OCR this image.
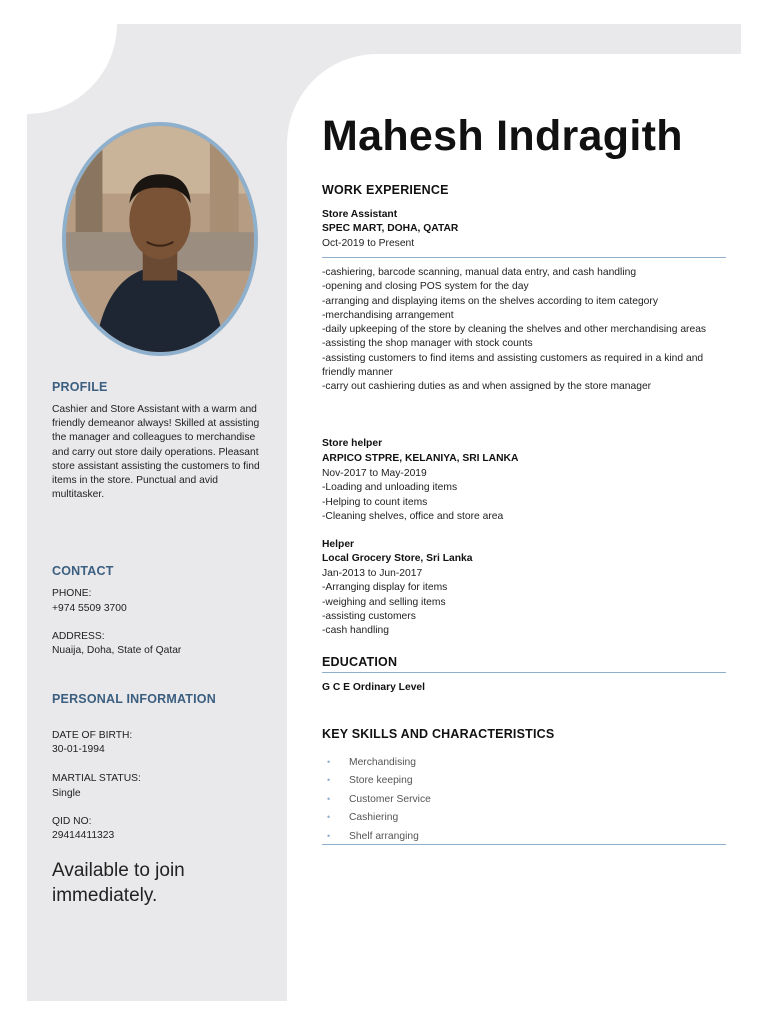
PROFILE
Cashier and Store Assistant with a warm and friendly demeanor always! Skilled at assisting the manager and colleagues to merchandise and carry out store daily operations. Pleasant store assistant assisting the customers to find items in the store. Punctual and avid multitasker.
CONTACT
PHONE:
+974 5509 3700
ADDRESS:
Nuaija, Doha, State of Qatar
PERSONAL INFORMATION
DATE OF BIRTH:
30-01-1994
MARTIAL STATUS:
Single
QID NO:
29414411323
Available to join immediately.
Mahesh Indragith
WORK EXPERIENCE
Store Assistant
SPEC MART, DOHA, QATAR
Oct-2019 to Present
-cashiering, barcode scanning, manual data entry, and cash handling
-opening and closing POS system for the day
-arranging and displaying items on the shelves according to item category
-merchandising arrangement
-daily upkeeping of the store by cleaning the shelves and other merchandising areas
-assisting the shop manager with stock counts
-assisting customers to find items and assisting customers as required in a kind and friendly manner
-carry out cashiering duties as and when assigned by the store manager
Store helper
ARPICO STPRE, KELANIYA, SRI LANKA
Nov-2017 to May-2019
-Loading and unloading items
-Helping to count items
-Cleaning shelves, office and store area
Helper
Local Grocery Store, Sri Lanka
Jan-2013 to Jun-2017
-Arranging display for items
-weighing and selling items
-assisting customers
-cash handling
EDUCATION
G C E Ordinary Level
KEY SKILLS AND CHARACTERISTICS
• Merchandising
• Store keeping
• Customer Service
• Cashiering
• Shelf arranging
